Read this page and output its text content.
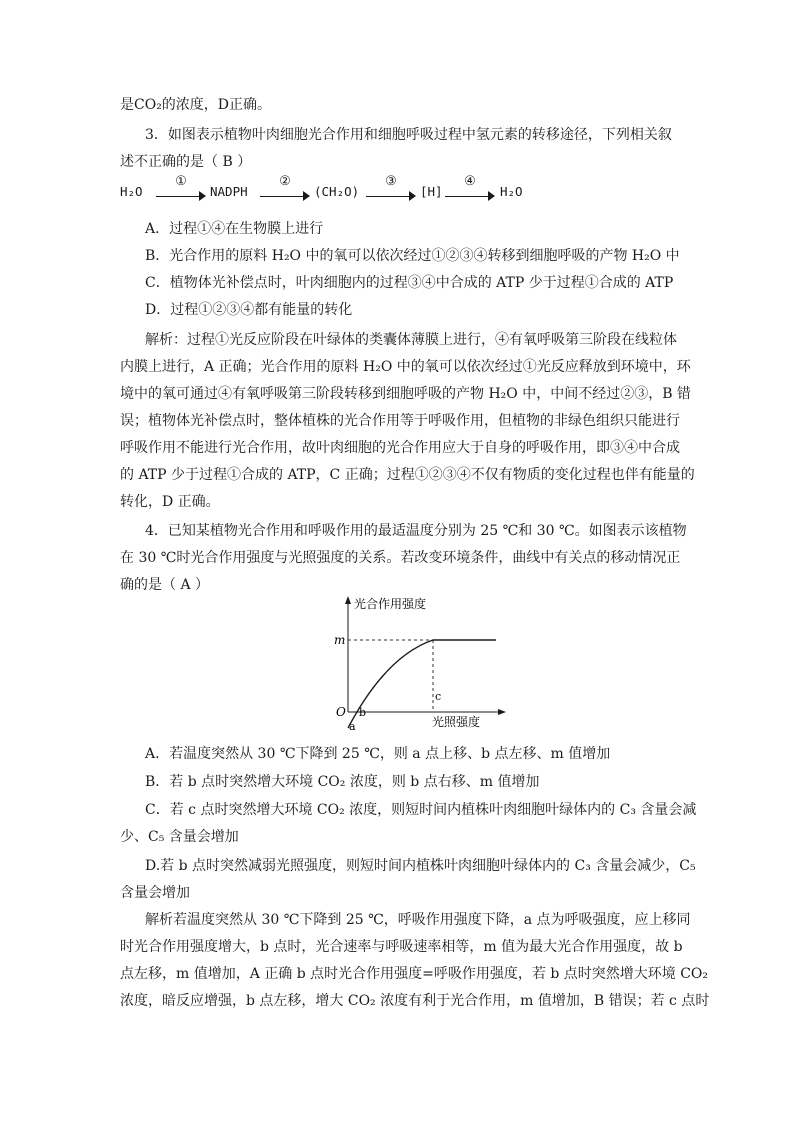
是CO₂的浓度，D正确。
3．如图表示植物叶肉细胞光合作用和细胞呼吸过程中氢元素的转移途径，下列相关叙
述不正确的是（ B ）
H₂O
①
NADPH
②
(CH₂O)
③
[H]
④
H₂O
A．过程①④在生物膜上进行
B．光合作用的原料 H₂O 中的氧可以依次经过①②③④转移到细胞呼吸的产物 H₂O 中
C．植物体光补偿点时，叶肉细胞内的过程③④中合成的 ATP 少于过程①合成的 ATP
D．过程①②③④都有能量的转化
解析：过程①光反应阶段在叶绿体的类囊体薄膜上进行，④有氧呼吸第三阶段在线粒体
内膜上进行，A 正确；光合作用的原料 H₂O 中的氧可以依次经过①光反应释放到环境中，环
境中的氧可通过④有氧呼吸第三阶段转移到细胞呼吸的产物 H₂O 中，中间不经过②③，B 错
误；植物体光补偿点时，整体植株的光合作用等于呼吸作用，但植物的非绿色组织只能进行
呼吸作用不能进行光合作用，故叶肉细胞的光合作用应大于自身的呼吸作用，即③④中合成
的 ATP 少于过程①合成的 ATP，C 正确；过程①②③④不仅有物质的变化过程也伴有能量的
转化，D 正确。
4．已知某植物光合作用和呼吸作用的最适温度分别为 25 ℃和 30 ℃。如图表示该植物
在 30 ℃时光合作用强度与光照强度的关系。若改变环境条件，曲线中有关点的移动情况正
确的是（ A ）
光合作用强度
m
O b
a
c
光照强度
A．若温度突然从 30 ℃下降到 25 ℃，则 a 点上移、b 点左移、m 值增加
B．若 b 点时突然增大环境 CO₂ 浓度，则 b 点右移、m 值增加
C．若 c 点时突然增大环境 CO₂ 浓度，则短时间内植株叶肉细胞叶绿体内的 C₃ 含量会减
少、C₅ 含量会增加
D.若 b 点时突然减弱光照强度，则短时间内植株叶肉细胞叶绿体内的 C₃ 含量会减少，C₅
含量会增加
解析若温度突然从 30 ℃下降到 25 ℃，呼吸作用强度下降，a 点为呼吸强度，应上移同
时光合作用强度增大，b 点时，光合速率与呼吸速率相等，m 值为最大光合作用强度，故 b
点左移，m 值增加，A 正确 b 点时光合作用强度=呼吸作用强度，若 b 点时突然增大环境 CO₂
浓度，暗反应增强，b 点左移，增大 CO₂ 浓度有利于光合作用，m 值增加，B 错误；若 c 点时
